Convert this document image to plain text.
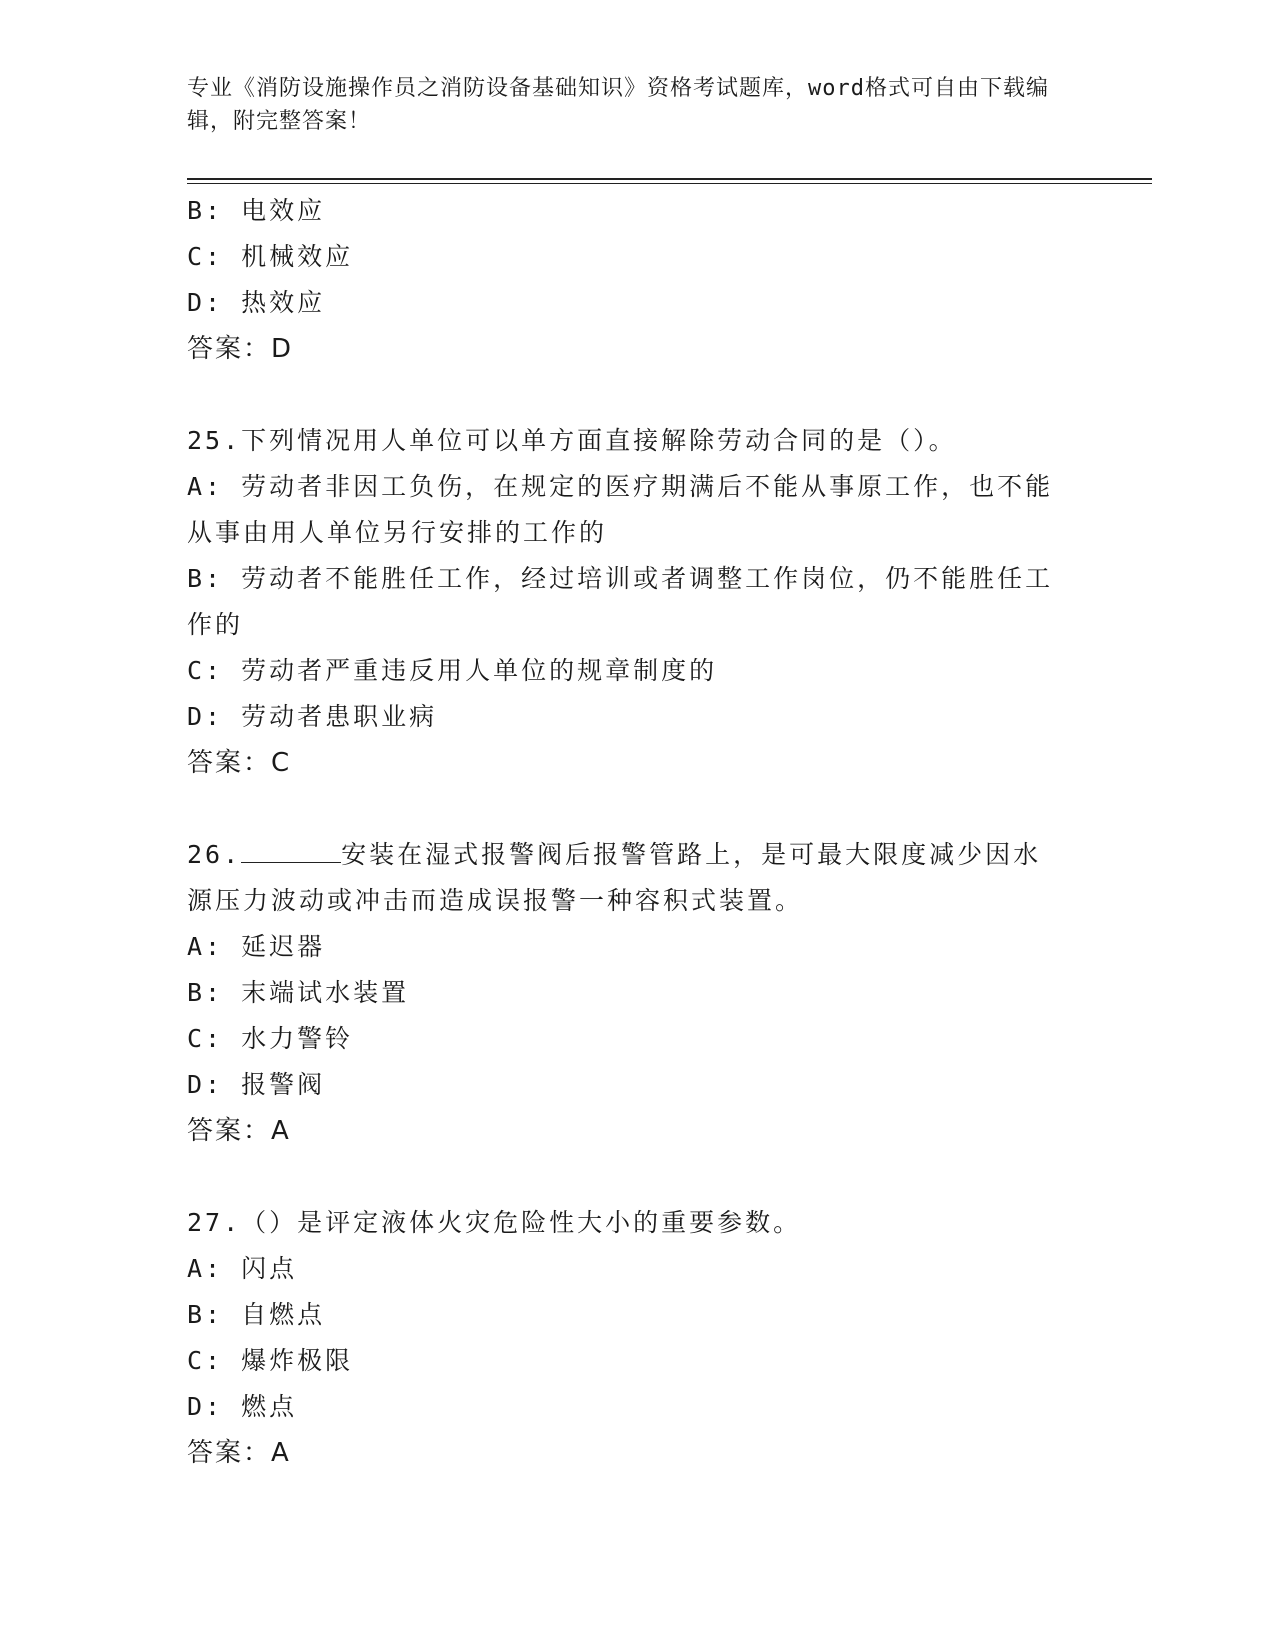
专业《消防设施操作员之消防设备基础知识》资格考试题库，word格式可自由下载编辑，附完整答案！
B: 电效应
C: 机械效应
D: 热效应
答案：D
25.下列情况用人单位可以单方面直接解除劳动合同的是（）。
A: 劳动者非因工负伤，在规定的医疗期满后不能从事原工作，也不能
从事由用人单位另行安排的工作的
B: 劳动者不能胜任工作，经过培训或者调整工作岗位，仍不能胜任工
作的
C: 劳动者严重违反用人单位的规章制度的
D: 劳动者患职业病
答案：C
26.	安装在湿式报警阀后报警管路上，是可最大限度减少因水
源压力波动或冲击而造成误报警一种容积式装置。
A: 延迟器
B: 末端试水装置
C: 水力警铃
D: 报警阀
答案：A
27.（）是评定液体火灾危险性大小的重要参数。
A: 闪点
B: 自燃点
C: 爆炸极限
D: 燃点
答案：A
